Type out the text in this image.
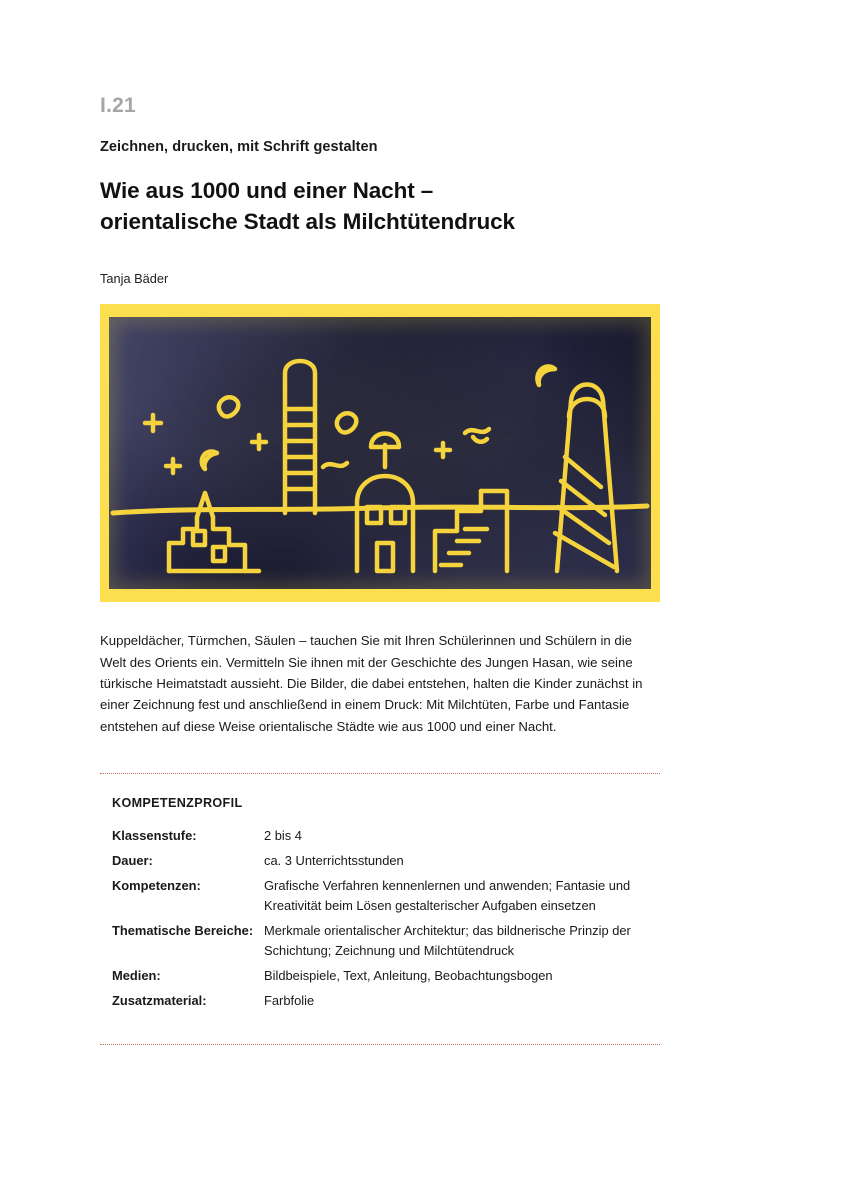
I.21
Zeichnen, drucken, mit Schrift gestalten
Wie aus 1000 und einer Nacht –
orientalische Stadt als Milchtütendruck
Tanja Bäder

Kuppeldächer, Türmchen, Säulen – tauchen Sie mit Ihren Schülerinnen und Schülern in die Welt des Orients ein. Vermitteln Sie ihnen mit der Geschichte des Jungen Hasan, wie seine türkische Heimatstadt aussieht. Die Bilder, die dabei entstehen, halten die Kinder zunächst in einer Zeichnung fest und anschließend in einem Druck: Mit Milchtüten, Farbe und Fantasie entstehen auf diese Weise orientalische Städte wie aus 1000 und einer Nacht.

KOMPETENZPROFIL
Klassenstufe:	2 bis 4
Dauer:	ca. 3 Unterrichtsstunden
Kompetenzen:	Grafische Verfahren kennenlernen und anwenden; Fantasie und Kreativität beim Lösen gestalterischer Aufgaben einsetzen
Thematische Bereiche:	Merkmale orientalischer Architektur; das bildnerische Prinzip der Schichtung; Zeichnung und Milchtütendruck
Medien:	Bildbeispiele, Text, Anleitung, Beobachtungsbogen
Zusatzmaterial:	Farbfolie
